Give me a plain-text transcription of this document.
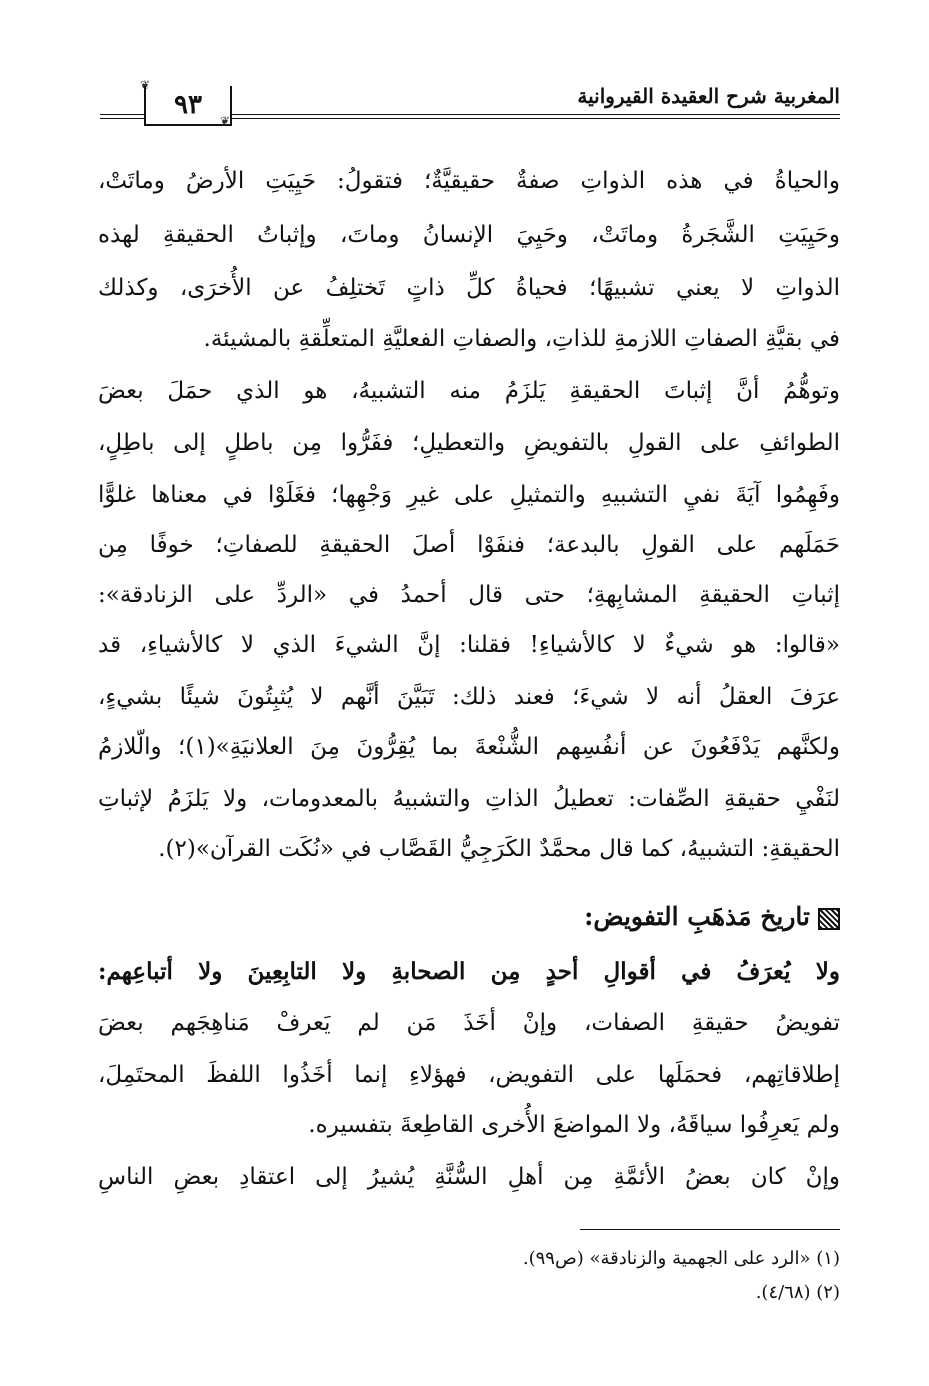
المغربية شرح العقيدة القيروانية
❦
٩٣
❦
والحياةُ في هذه الذواتِ صفةٌ حقيقيَّةٌ؛ فتقولُ: حَيِيَتِ الأرضُ وماتَتْ،
وحَيِيَتِ الشَّجَرةُ وماتَتْ، وحَيِيَ الإنسانُ وماتَ، وإثباتُ الحقيقةِ لهذه
الذواتِ لا يعني تشبيهًا؛ فحياةُ كلِّ ذاتٍ تَختلِفُ عن الأُخرَى، وكذلك
في بقيَّةِ الصفاتِ اللازمةِ للذاتِ، والصفاتِ الفعليَّةِ المتعلِّقةِ بالمشيئة.
وتوهُّمُ أنَّ إثباتَ الحقيقةِ يَلزَمُ منه التشبيهُ، هو الذي حمَلَ بعضَ
الطوائفِ على القولِ بالتفويضِ والتعطيلِ؛ ففَرُّوا مِن باطلٍ إلى باطِلٍ،
وفَهِمُوا آيَةَ نفيِ التشبيهِ والتمثيلِ على غيرِ وَجْهِها؛ فغَلَوْا في معناها غلوًّا
حَمَلَهم على القولِ بالبدعة؛ فنفَوْا أصلَ الحقيقةِ للصفاتِ؛ خوفًا مِن
إثباتِ الحقيقةِ المشابِهةِ؛ حتى قال أحمدُ في «الردِّ على الزنادقة»:
«قالوا: هو شيءٌ لا كالأشياءِ! فقلنا: إنَّ الشيءَ الذي لا كالأشياءِ، قد
عرَفَ العقلُ أنه لا شيءَ؛ فعند ذلك: تَبَيَّنَ أنَّهم لا يُثبِتُونَ شيئًا بشيءٍ،
ولكنَّهم يَدْفَعُونَ عن أنفُسِهم الشُّنْعةَ بما يُقِرُّونَ مِنَ العلانيَةِ»(١)؛ والّلازمُ
لنَفْيِ حقيقةِ الصِّفات: تعطيلُ الذاتِ والتشبيهُ بالمعدومات، ولا يَلزَمُ لإثباتِ
الحقيقةِ: التشبيهُ، كما قال محمَّدٌ الكَرَجِيُّ القَصَّاب في «نُكَت القرآن»(٢).
تاريخ مَذهَبِ التفويض:
ولا يُعرَفُ في أقوالِ أحدٍ مِن الصحابةِ ولا التابِعِينَ ولا أتباعِهم:
تفويضُ حقيقةِ الصفات، وإنْ أخَذَ مَن لم يَعرفْ مَناهِجَهم بعضَ
إطلاقاتِهم، فحمَلَها على التفويض، فهؤلاءِ إنما أخَذُوا اللفظَ المحتَمِلَ،
ولم يَعرِفُوا سياقَهُ، ولا المواضعَ الأُخرى القاطِعةَ بتفسيره.
وإنْ كان بعضُ الأئمَّةِ مِن أهلِ السُّنَّةِ يُشيرُ إلى اعتقادِ بعضِ الناسِ
(١) «الرد على الجهمية والزنادقة» (ص٩٩).
(٢) (٤/٦٨).
